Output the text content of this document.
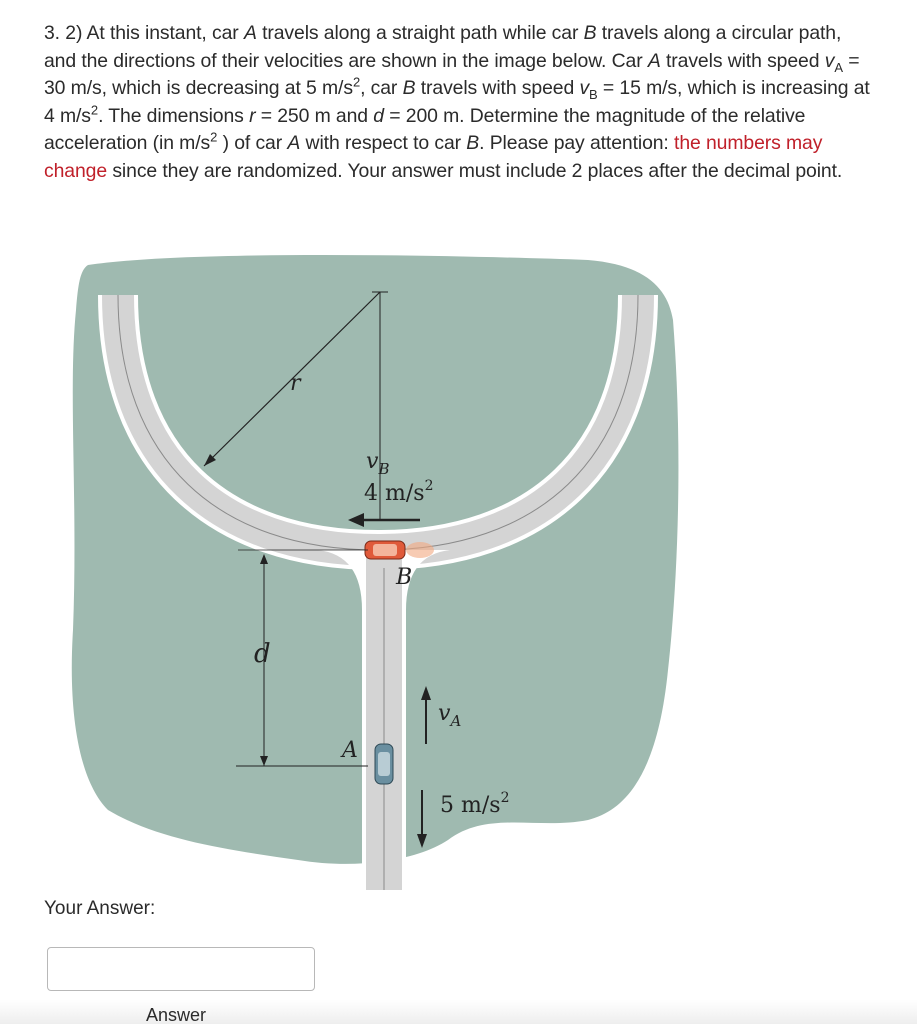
3. 2) At this instant, car A travels along a straight path while car B travels along a circular path, and the directions of their velocities are shown in the image below. Car A travels with speed $v_A = 30$ m/s, which is decreasing at 5 $m/s^2$, car B travels with speed $v_B = 15$ m/s, which is increasing at 4 $m/s^2$. The dimensions r = 250 m and d = 200 m. Determine the magnitude of the relative acceleration (in $m/s^2$ ) of car A with respect to car B. Please pay attention: the numbers may change since they are randomized. Your answer must include 2 places after the decimal point.

r
$v_B$
4 $m/s^2$
B
d
$v_A$
A
5 $m/s^2$
Your Answer:
Answer
